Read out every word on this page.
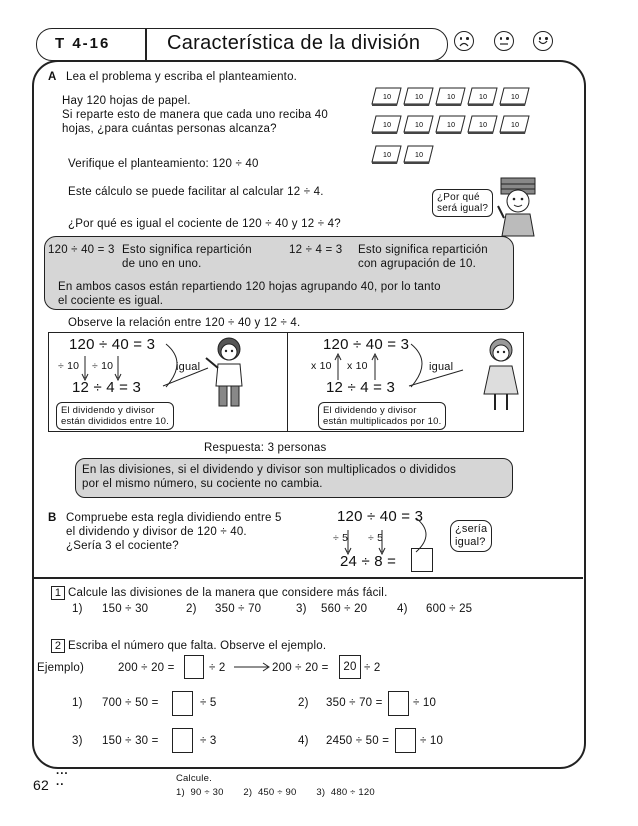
T 4-16	Característica de la división
A Lea el problema y escriba el planteamiento.
Hay 120 hojas de papel.
Si reparte esto de manera que cada uno reciba 40
hojas, ¿para cuántas personas alcanza?
10	10	10	10	10
10	10	10	10	10
10	10
Verifique el planteamiento: 120 ÷ 40
Este cálculo se puede facilitar al calcular 12 ÷ 4.	¿Por qué
será igual?
¿Por qué es igual el cociente de 120 ÷ 40 y 12 ÷ 4?
120 ÷ 40 = 3 Esto significa repartición
de uno en uno.
12 ÷ 4 = 3 Esto significa repartición
con agrupación de 10.
En ambos casos están repartiendo 120 hojas agrupando 40, por lo tanto
el cociente es igual.
Observe la relación entre 120 ÷ 40 y 12 ÷ 4.
120 ÷ 40 = 3
12 ÷ 4 = 3
÷ 10 ÷ 10	igual
El dividendo y divisor
están divididos entre 10.
120 ÷ 40 = 3
12 ÷ 4 = 3
x 10 x 10	igual
El dividendo y divisor
están multiplicados por 10.
Respuesta: 3 personas
En las divisiones, si el dividendo y divisor son multiplicados o divididos
por el mismo número, su cociente no cambia.
B Compruebe esta regla dividiendo entre 5
el dividendo y divisor de 120 ÷ 40.
¿Sería 3 el cociente?
120 ÷ 40 = 3
÷ 5 ÷ 5
24 ÷ 8 =
¿sería
igual?
1 Calcule las divisiones de la manera que considere más fácil.
1) 150 ÷ 30	2) 350 ÷ 70	3) 560 ÷ 20	4) 600 ÷ 25
2 Escriba el número que falta. Observe el ejemplo.
Ejemplo)	200 ÷ 20 =	÷ 2	200 ÷ 20 =	20 ÷ 2
1) 700 ÷ 50 =	÷ 5	2) 350 ÷ 70 =	÷ 10
3) 150 ÷ 30 =	÷ 3	4) 2450 ÷ 50 =	÷ 10
...
62 ..	Calcule.
1)  90 ÷ 30       2)  450 ÷ 90       3)  480 ÷ 120
